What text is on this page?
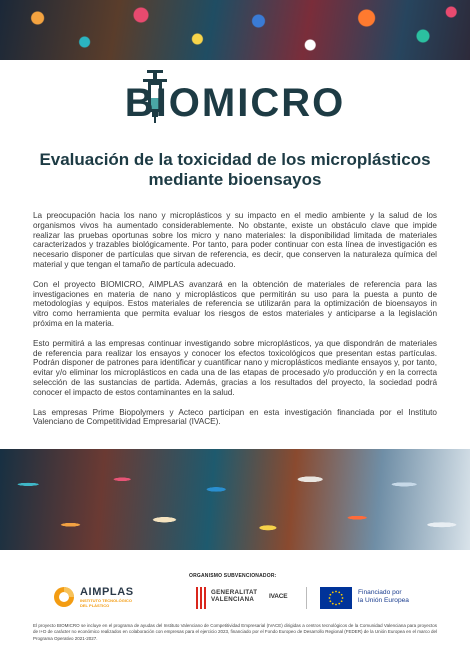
BIOMICRO
Evaluación de la toxicidad de los microplásticos
mediante bioensayos

La preocupación hacia los nano y microplásticos y su impacto en el medio ambiente y la salud de los organismos vivos ha aumentado considerablemente. No obstante, existe un obstáculo clave que impide realizar las pruebas oportunas sobre los micro y nano materiales: la disponibilidad limitada de materiales caracterizados y trazables biológicamente. Por tanto, para poder continuar con esta línea de investigación es necesario disponer de partículas que sirvan de referencia, es decir, que conserven la naturaleza química del material y que tengan el tamaño de partícula adecuado.

Con el proyecto BIOMICRO, AIMPLAS avanzará en la obtención de materiales de referencia para las investigaciones en materia de nano y microplásticos que permitirán su uso para la puesta a punto de metodologías y equipos. Estos materiales de referencia se utilizarán para la optimización de bioensayos in vitro como herramienta que permita evaluar los riesgos de estos materiales y anticiparse a la legislación próxima en la materia.

Esto permitirá a las empresas continuar investigando sobre microplásticos, ya que dispondrán de materiales de referencia para realizar los ensayos y conocer los efectos toxicológicos que presentan estas partículas. Podrán disponer de patrones para identificar y cuantificar nano y microplásticos mediante ensayos y, por tanto, evitar y/o eliminar los microplásticos en cada una de las etapas de procesado y/o producción y en la correcta selección de las sustancias de partida. Además, gracias a los resultados del proyecto, la sociedad podrá conocer el impacto de estos contaminantes en la salud.

Las empresas Prime Biopolymers y Acteco participan en esta investigación financiada por el Instituto Valenciano de Competitividad Empresarial (IVACE).

ORGANISMO SUBVENCIONADOR:
AIMPLAS
INSTITUTO TECNOLÓGICO
DEL PLÁSTICO
GENERALITAT
VALENCIANA	IVACE
Financiado por
la Unión Europea
El proyecto BIOMICRO se incluye en el programa de ayudas del Instituto Valenciano de Competitividad Empresarial (IVACE) dirigidas a centros tecnológicos de la Comunidad Valenciana para proyectos de I+D de carácter no económico realizados en colaboración con empresas para el ejercicio 2023, financiado por el Fondo Europeo de Desarrollo Regional (FEDER) de la Unión Europea en el marco del Programa Operativo 2021-2027.
